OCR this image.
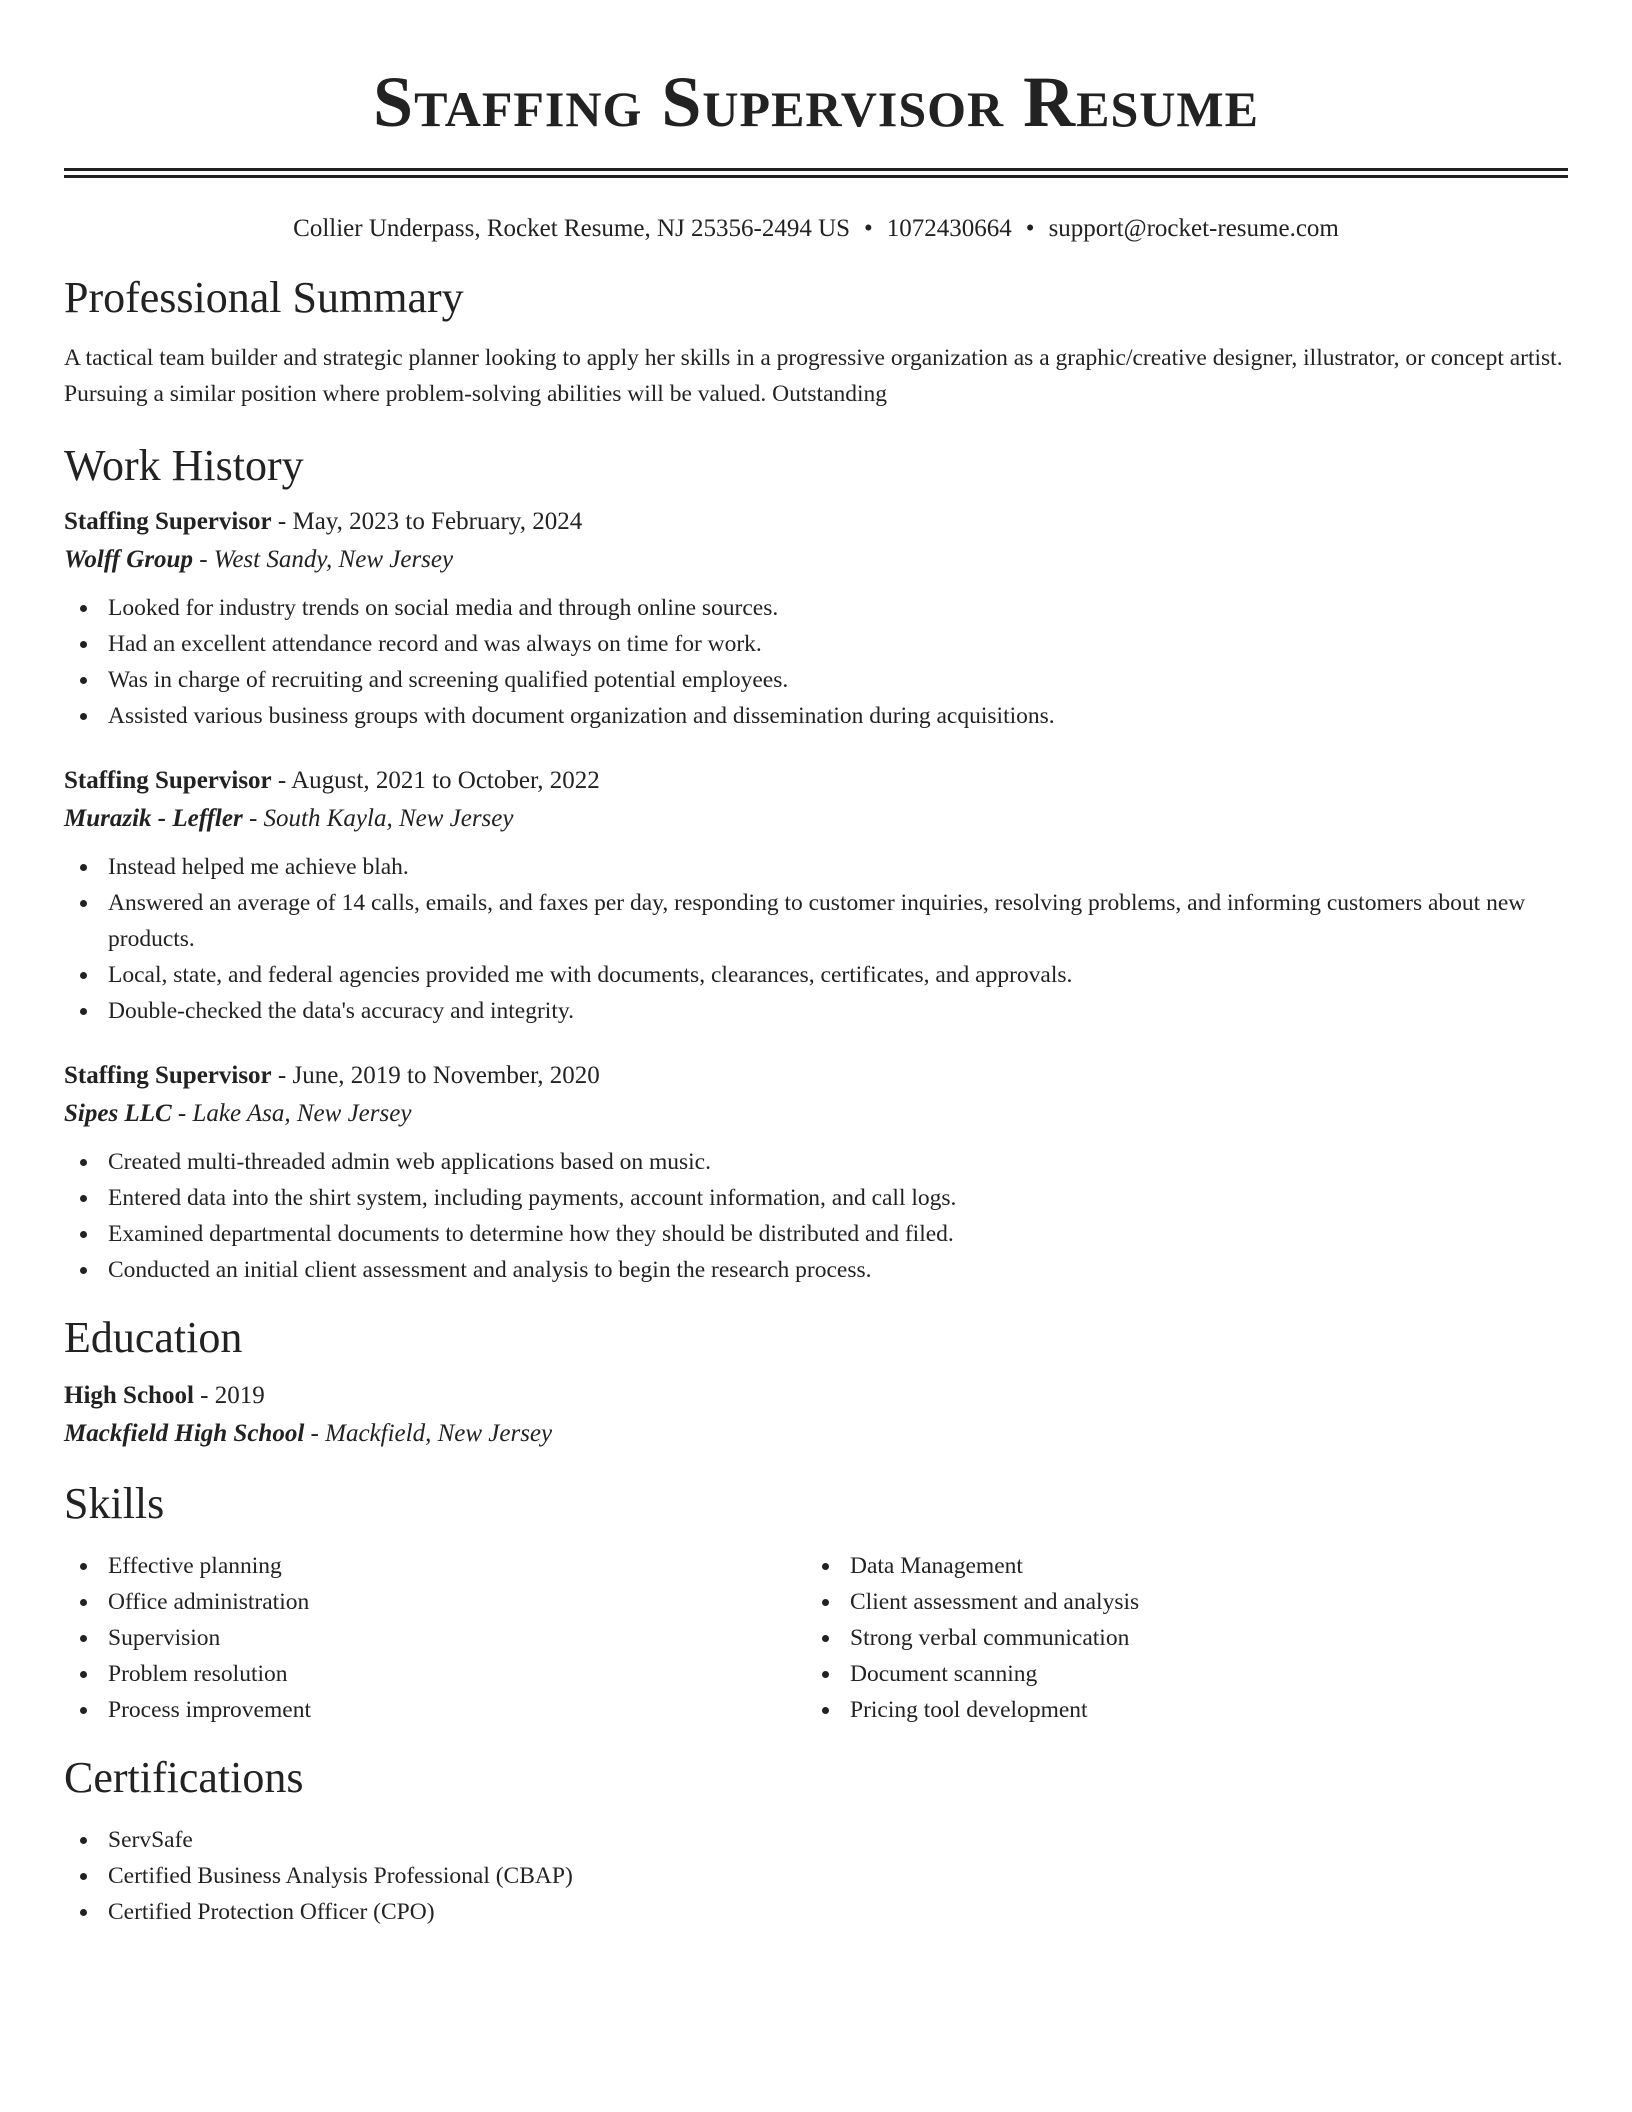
Staffing Supervisor Resume
Collier Underpass, Rocket Resume, NJ 25356-2494 US • 1072430664 • support@rocket-resume.com
Professional Summary

A tactical team builder and strategic planner looking to apply her skills in a progressive organization as a graphic/creative designer, illustrator, or concept artist. Pursuing a similar position where problem-solving abilities will be valued. Outstanding

Work History
Staffing Supervisor - May, 2023 to February, 2024
Wolff Group - West Sandy, New Jersey
Looked for industry trends on social media and through online sources.
Had an excellent attendance record and was always on time for work.
Was in charge of recruiting and screening qualified potential employees.
Assisted various business groups with document organization and dissemination during acquisitions.
Staffing Supervisor - August, 2021 to October, 2022
Murazik - Leffler - South Kayla, New Jersey
Instead helped me achieve blah.
Answered an average of 14 calls, emails, and faxes per day, responding to customer inquiries, resolving problems, and informing customers about new products.
Local, state, and federal agencies provided me with documents, clearances, certificates, and approvals.
Double-checked the data's accuracy and integrity.
Staffing Supervisor - June, 2019 to November, 2020
Sipes LLC - Lake Asa, New Jersey
Created multi-threaded admin web applications based on music.
Entered data into the shirt system, including payments, account information, and call logs.
Examined departmental documents to determine how they should be distributed and filed.
Conducted an initial client assessment and analysis to begin the research process.
Education
High School - 2019
Mackfield High School - Mackfield, New Jersey
Skills
Effective planning
Office administration
Supervision
Problem resolution
Process improvement
Data Management
Client assessment and analysis
Strong verbal communication
Document scanning
Pricing tool development
Certifications
ServSafe
Certified Business Analysis Professional (CBAP)
Certified Protection Officer (CPO)
